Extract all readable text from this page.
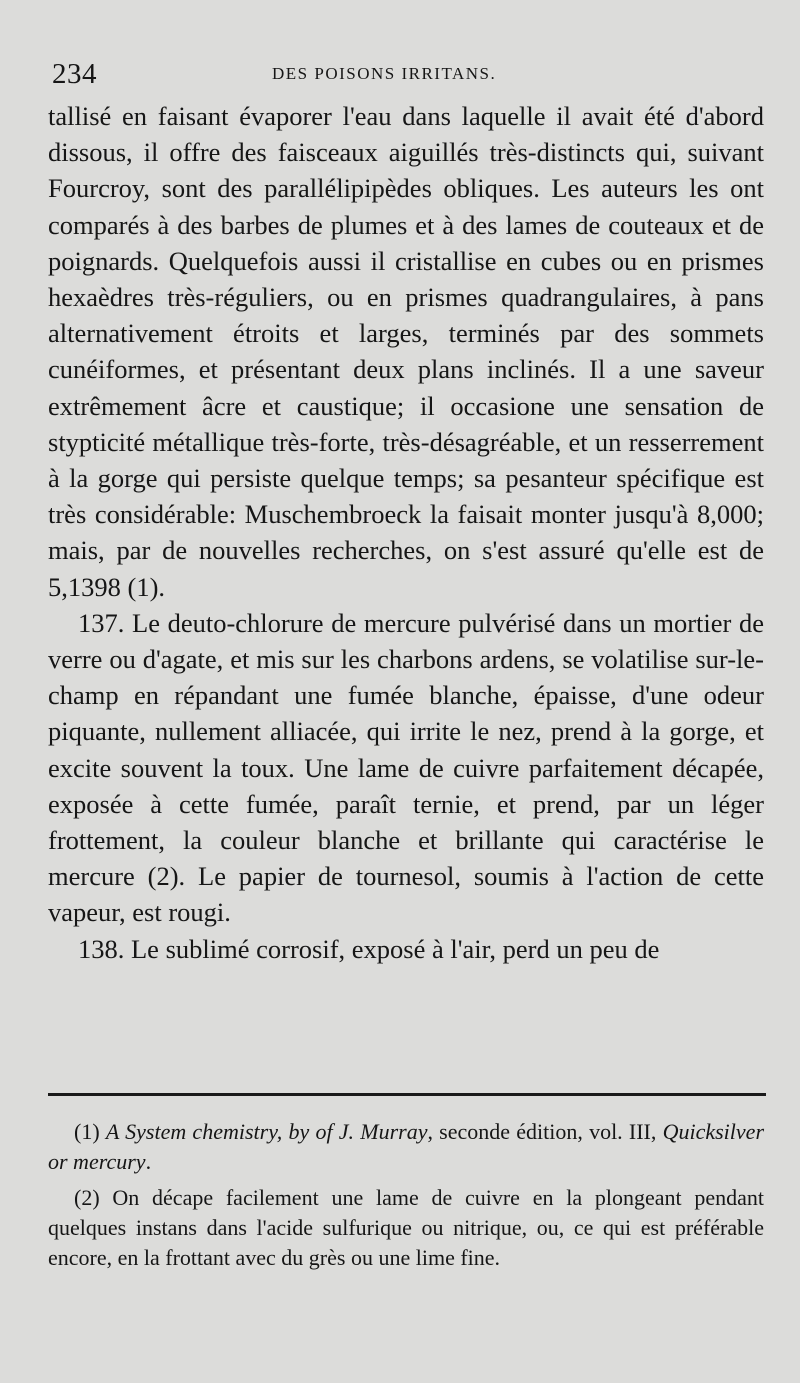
234	DES POISONS IRRITANS.

tallisé en faisant évaporer l'eau dans laquelle il avait été d'abord dissous, il offre des faisceaux aiguillés très-distincts qui, suivant Fourcroy, sont des parallélipipèdes obliques. Les auteurs les ont comparés à des barbes de plumes et à des lames de couteaux et de poignards. Quelquefois aussi il cristallise en cubes ou en prismes hexaèdres très-réguliers, ou en prismes quadrangulaires, à pans alternativement étroits et larges, terminés par des sommets cunéiformes, et présentant deux plans inclinés. Il a une saveur extrêmement âcre et caustique; il occasione une sensation de stypticité métallique très-forte, très-désagréable, et un resserrement à la gorge qui persiste quelque temps; sa pesanteur spécifique est très considérable: Muschembroeck la faisait monter jusqu'à 8,000; mais, par de nouvelles recherches, on s'est assuré qu'elle est de 5,1398 (1).

137. Le deuto-chlorure de mercure pulvérisé dans un mortier de verre ou d'agate, et mis sur les charbons ardens, se volatilise sur-le-champ en répandant une fumée blanche, épaisse, d'une odeur piquante, nullement alliacée, qui irrite le nez, prend à la gorge, et excite souvent la toux. Une lame de cuivre parfaitement décapée, exposée à cette fumée, paraît ternie, et prend, par un léger frottement, la couleur blanche et brillante qui caractérise le mercure (2). Le papier de tournesol, soumis à l'action de cette vapeur, est rougi.

138. Le sublimé corrosif, exposé à l'air, perd un peu de

(1) A System chemistry, by of J. Murray, seconde édition, vol. III, Quicksilver or mercury.

(2) On décape facilement une lame de cuivre en la plongeant pendant quelques instans dans l'acide sulfurique ou nitrique, ou, ce qui est préférable encore, en la frottant avec du grès ou une lime fine.
